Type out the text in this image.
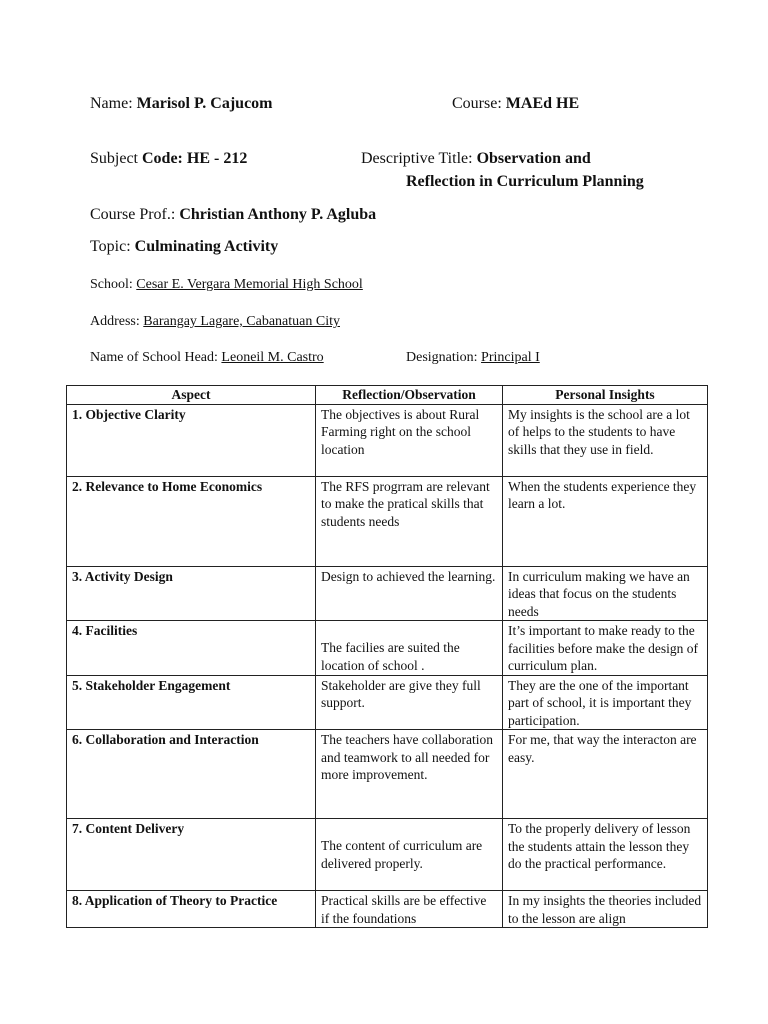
Name: Marisol P. Cajucom	Course: MAEd HE
Subject Code: HE - 212	Descriptive Title: Observation and
Reflection in Curriculum Planning
Course Prof.: Christian Anthony P. Agluba
Topic: Culminating Activity
School: Cesar E. Vergara Memorial High School
Address: Barangay Lagare, Cabanatuan City
Name of School Head: Leoneil M. Castro	Designation: Principal I
Aspect	Reflection/Observation	Personal Insights
1. Objective Clarity	The objectives is about Rural Farming right on the school location	My insights is the school are a lot of helps to the students to have skills that they use in field.
2. Relevance to Home Economics	The RFS progrram are relevant to make the pratical skills that students needs	When the students experience they learn a lot.
3. Activity Design	Design to achieved the learning.	In curriculum making we have an ideas that focus on the students needs
4. Facilities	The facilies are suited the location of school .	It’s important to make ready to the facilities before make the design of curriculum plan.
5. Stakeholder Engagement	Stakeholder are give they full support.	They are the one of the important part of school, it is important they participation.
6. Collaboration and Interaction	The teachers have collaboration and teamwork to all needed for more improvement.	For me, that way the interacton are easy.
7. Content Delivery	The content of curriculum are delivered properly.	To the properly delivery of lesson the students attain the lesson they do the practical performance.
8. Application of Theory to Practice	Practical skills are be effective if the foundations	In my insights the theories included to the lesson are align
